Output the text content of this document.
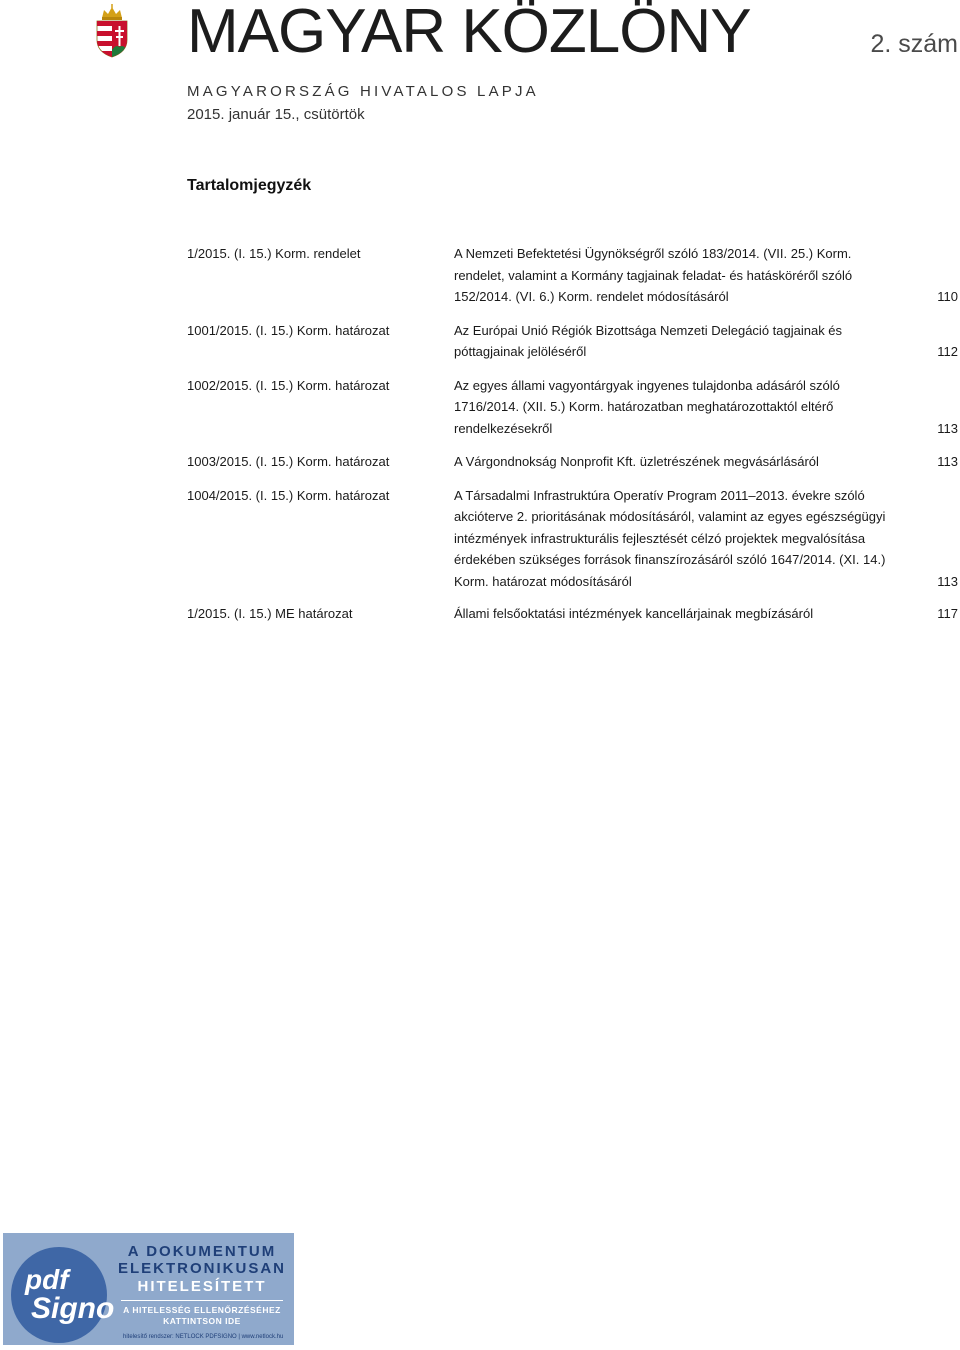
MAGYAR KÖZLÖNY	2. szám
MAGYARORSZÁG HIVATALOS LAPJA
2015. január 15., csütörtök
Tartalomjegyzék
1/2015. (I. 15.) Korm. rendelet	A Nemzeti Befektetési Ügynökségről szóló 183/2014. (VII. 25.) Korm. rendelet, valamint a Kormány tagjainak feladat- és hatásköréről szóló 152/2014. (VI. 6.) Korm. rendelet módosításáról	110
1001/2015. (I. 15.) Korm. határozat	Az Európai Unió Régiók Bizottsága Nemzeti Delegáció tagjainak és póttagjainak jelöléséről	112
1002/2015. (I. 15.) Korm. határozat	Az egyes állami vagyontárgyak ingyenes tulajdonba adásáról szóló 1716/2014. (XII. 5.) Korm. határozatban meghatározottaktól eltérő rendelkezésekről	113
1003/2015. (I. 15.) Korm. határozat	A Várgondnokság Nonprofit Kft. üzletrészének megvásárlásáról	113
1004/2015. (I. 15.) Korm. határozat	A Társadalmi Infrastruktúra Operatív Program 2011–2013. évekre szóló akcióterve 2. prioritásának módosításáról, valamint az egyes egészségügyi intézmények infrastrukturális fejlesztését célzó projektek megvalósítása érdekében szükséges források finanszírozásáról szóló 1647/2014. (XI. 14.) Korm. határozat módosításáról	113
1/2015. (I. 15.) ME határozat	Állami felsőoktatási intézmények kancellárjainak megbízásáról	117
pdf
Signo
A DOKUMENTUM
ELEKTRONIKUSAN
HITELESÍTETT
A HITELESSÉG ELLENŐRZÉSÉHEZ
KATTINTSON IDE
hitelesítő rendszer: NETLOCK PDFSIGNO | www.netlock.hu
